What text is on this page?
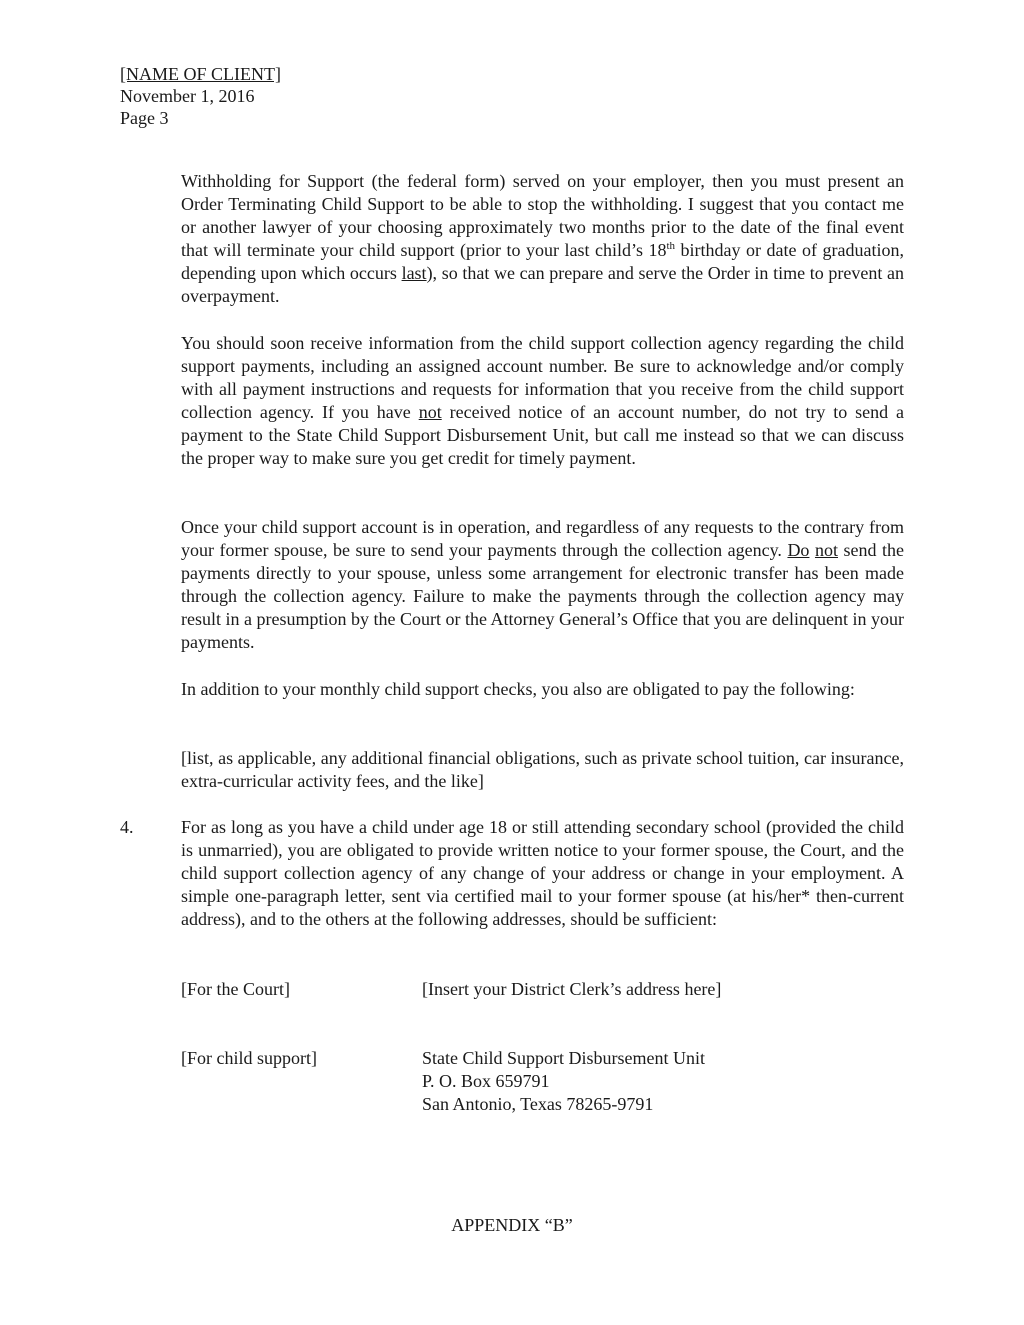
[NAME OF CLIENT]
November 1, 2016
Page 3
Withholding for Support (the federal form) served on your employer, then you must present an Order Terminating Child Support to be able to stop the withholding. I suggest that you contact me or another lawyer of your choosing approximately two months prior to the date of the final event that will terminate your child support (prior to your last child’s 18th birthday or date of graduation, depending upon which occurs last), so that we can prepare and serve the Order in time to prevent an overpayment.
You should soon receive information from the child support collection agency regarding the child support payments, including an assigned account number. Be sure to acknowledge and/or comply with all payment instructions and requests for information that you receive from the child support collection agency. If you have not received notice of an account number, do not try to send a payment to the State Child Support Disbursement Unit, but call me instead so that we can discuss the proper way to make sure you get credit for timely payment.
Once your child support account is in operation, and regardless of any requests to the contrary from your former spouse, be sure to send your payments through the collection agency. Do not send the payments directly to your spouse, unless some arrangement for electronic transfer has been made through the collection agency. Failure to make the payments through the collection agency may result in a presumption by the Court or the Attorney General’s Office that you are delinquent in your payments.
In addition to your monthly child support checks, you also are obligated to pay the following:
[list, as applicable, any additional financial obligations, such as private school tuition, car insurance, extra-curricular activity fees, and the like]
4.	For as long as you have a child under age 18 or still attending secondary school (provided the child is unmarried), you are obligated to provide written notice to your former spouse, the Court, and the child support collection agency of any change of your address or change in your employment. A simple one-paragraph letter, sent via certified mail to your former spouse (at his/her* then-current address), and to the others at the following addresses, should be sufficient:
[For the Court]	[Insert your District Clerk’s address here]
[For child support]	State Child Support Disbursement Unit
P. O. Box 659791
San Antonio, Texas 78265-9791
APPENDIX “B”
